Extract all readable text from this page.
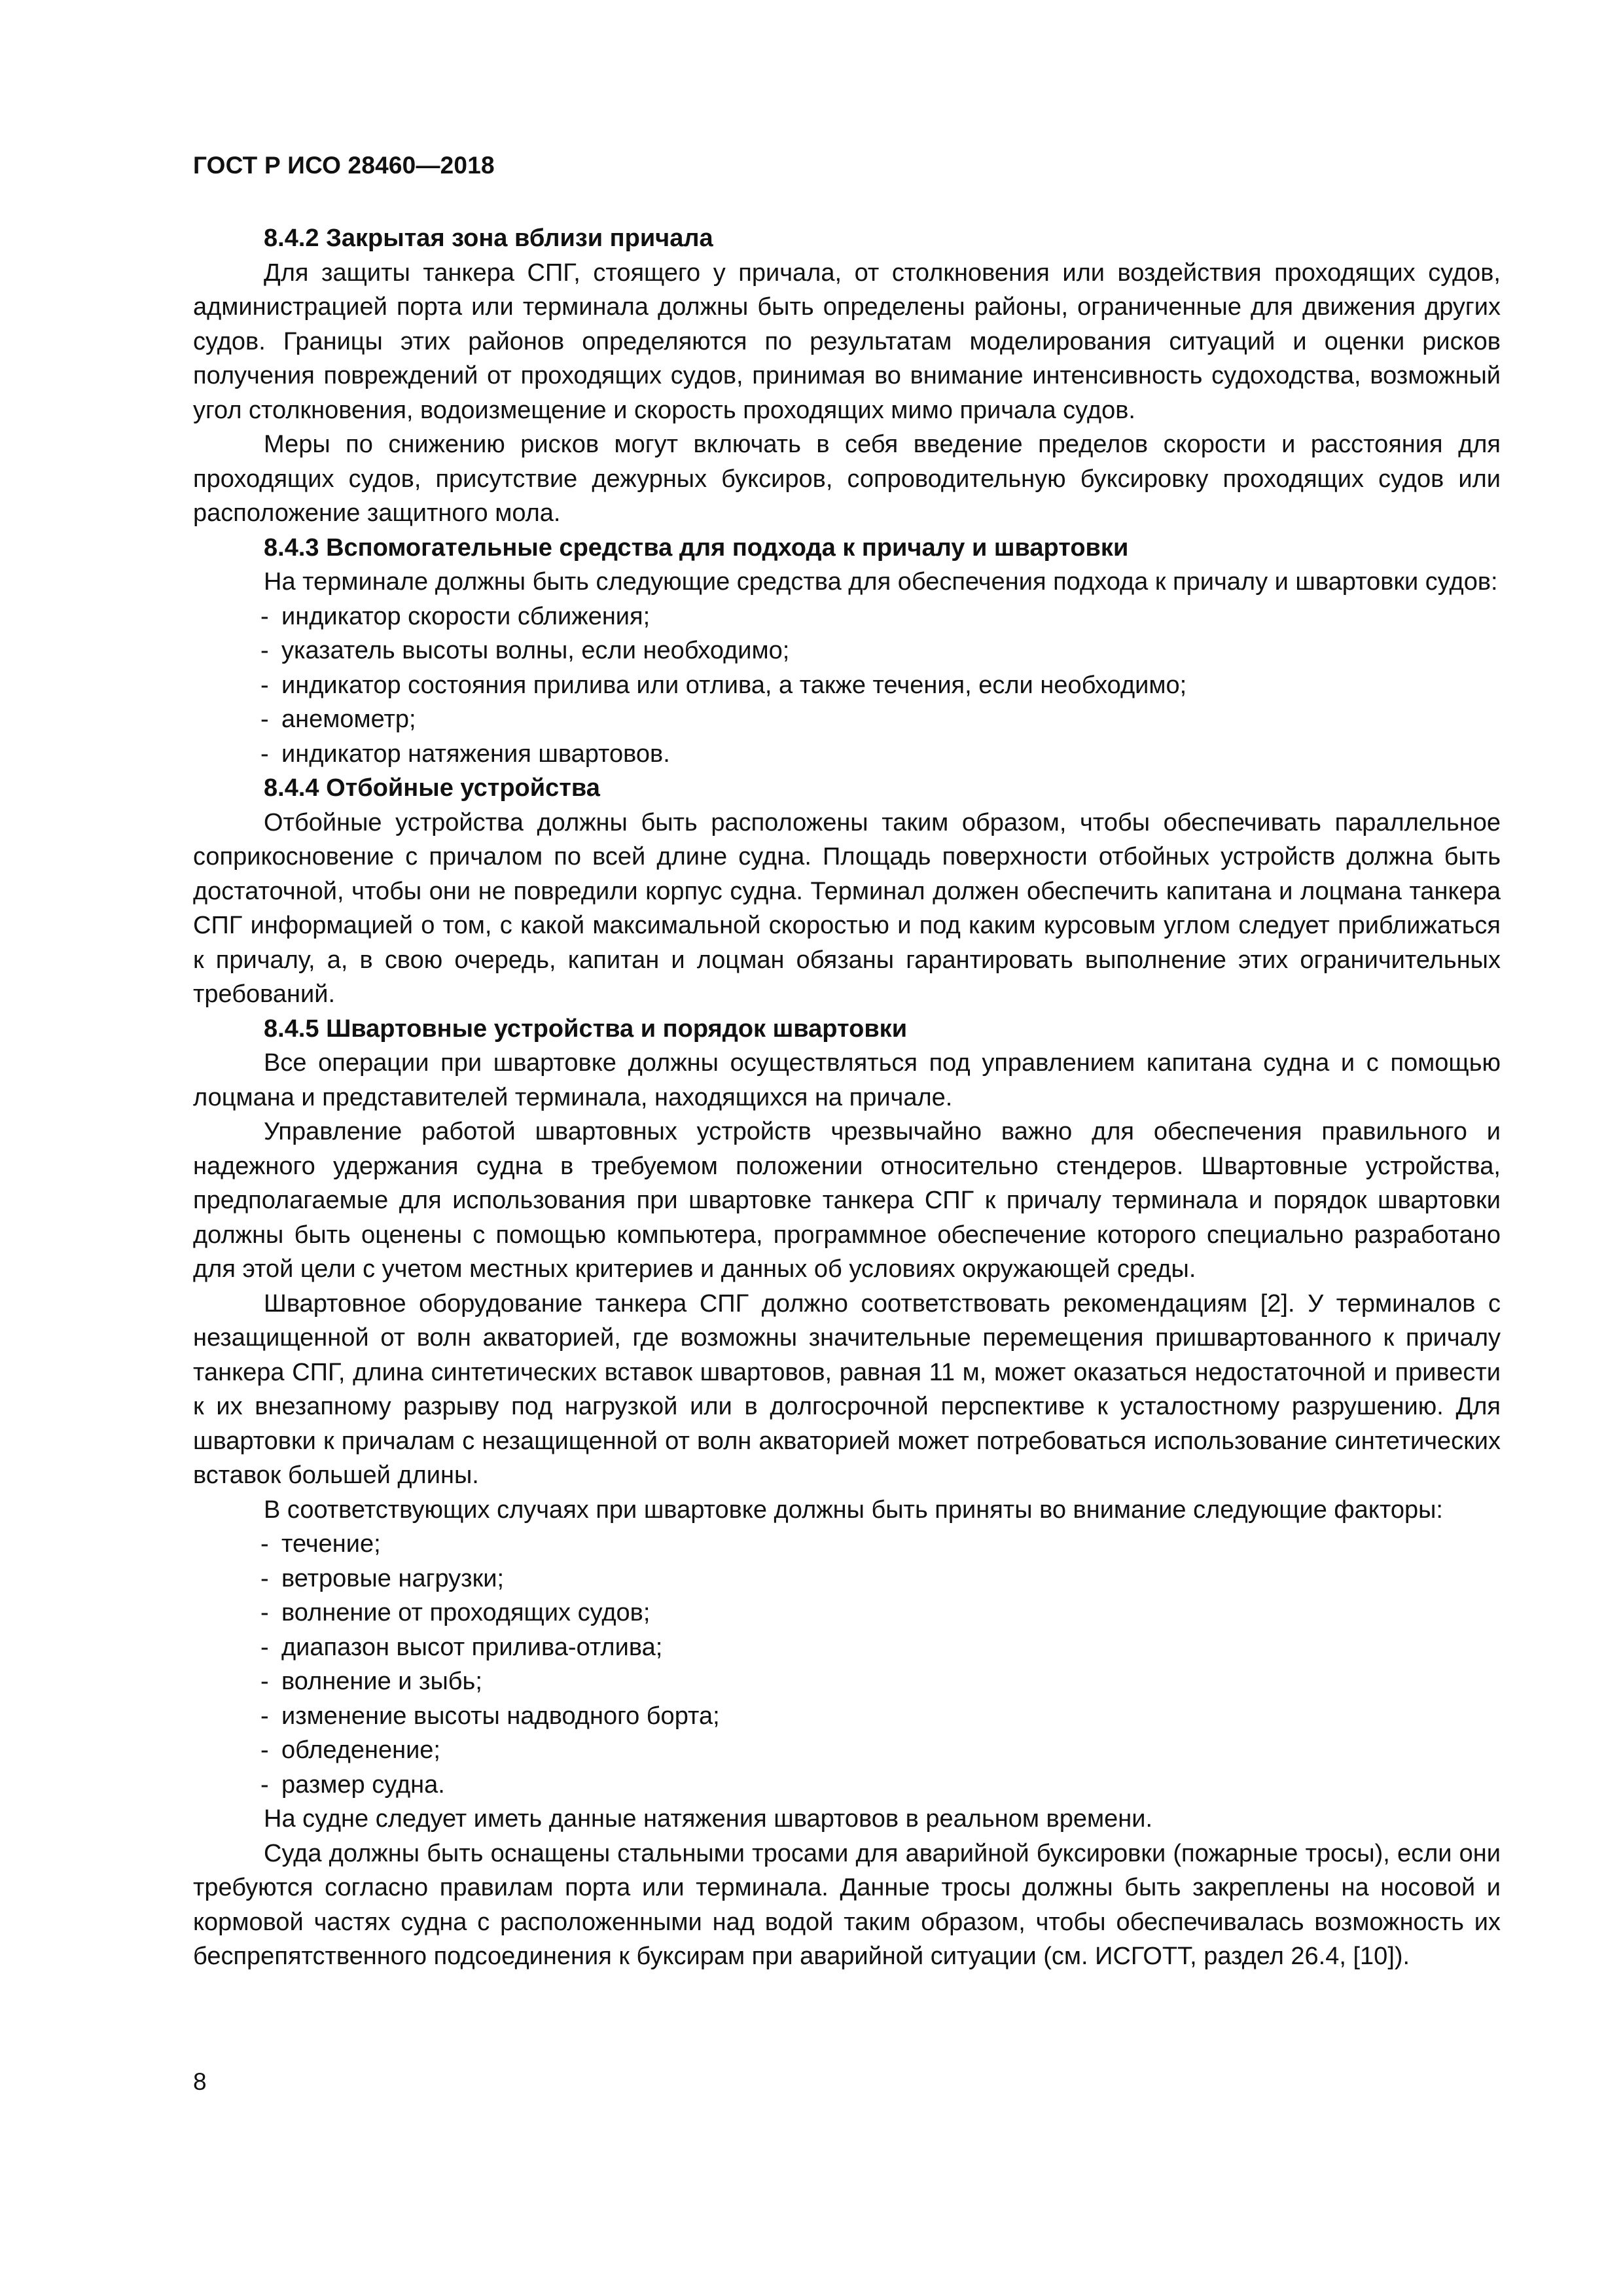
ГОСТ Р ИСО 28460—2018
8.4.2 Закрытая зона вблизи причала

Для защиты танкера СПГ, стоящего у причала, от столкновения или воздействия проходящих судов, администрацией порта или терминала должны быть определены районы, ограниченные для движения других судов. Границы этих районов определяются по результатам моделирования ситуаций и оценки рисков получения повреждений от проходящих судов, принимая во внимание интенсивность судоходства, возможный угол столкновения, водоизмещение и скорость проходящих мимо причала судов.

Меры по снижению рисков могут включать в себя введение пределов скорости и расстояния для проходящих судов, присутствие дежурных буксиров, сопроводительную буксировку проходящих судов или расположение защитного мола.

8.4.3 Вспомогательные средства для подхода к причалу и швартовки

На терминале должны быть следующие средства для обеспечения подхода к причалу и швартовки судов:

- индикатор скорости сближения;
- указатель высоты волны, если необходимо;
- индикатор состояния прилива или отлива, а также течения, если необходимо;
- анемометр;
- индикатор натяжения швартовов.
8.4.4 Отбойные устройства

Отбойные устройства должны быть расположены таким образом, чтобы обеспечивать параллельное соприкосновение с причалом по всей длине судна. Площадь поверхности отбойных устройств должна быть достаточной, чтобы они не повредили корпус судна. Терминал должен обеспечить капитана и лоцмана танкера СПГ информацией о том, с какой максимальной скоростью и под каким курсовым углом следует приближаться к причалу, а, в свою очередь, капитан и лоцман обязаны гарантировать выполнение этих ограничительных требований.

8.4.5 Швартовные устройства и порядок швартовки

Все операции при швартовке должны осуществляться под управлением капитана судна и с помощью лоцмана и представителей терминала, находящихся на причале.

Управление работой швартовных устройств чрезвычайно важно для обеспечения правильного и надежного удержания судна в требуемом положении относительно стендеров. Швартовные устройства, предполагаемые для использования при швартовке танкера СПГ к причалу терминала и порядок швартовки должны быть оценены с помощью компьютера, программное обеспечение которого специально разработано для этой цели с учетом местных критериев и данных об условиях окружающей среды.

Швартовное оборудование танкера СПГ должно соответствовать рекомендациям [2]. У терминалов с незащищенной от волн акваторией, где возможны значительные перемещения пришвартованного к причалу танкера СПГ, длина синтетических вставок швартовов, равная 11 м, может оказаться недостаточной и привести к их внезапному разрыву под нагрузкой или в долгосрочной перспективе к усталостному разрушению. Для швартовки к причалам с незащищенной от волн акваторией может потребоваться использование синтетических вставок большей длины.

В соответствующих случаях при швартовке должны быть приняты во внимание следующие факторы:

- течение;
- ветровые нагрузки;
- волнение от проходящих судов;
- диапазон высот прилива-отлива;
- волнение и зыбь;
- изменение высоты надводного борта;
- обледенение;
- размер судна.

На судне следует иметь данные натяжения швартовов в реальном времени.

Суда должны быть оснащены стальными тросами для аварийной буксировки (пожарные тросы), если они требуются согласно правилам порта или терминала. Данные тросы должны быть закреплены на носовой и кормовой частях судна с расположенными над водой таким образом, чтобы обеспечивалась возможность их беспрепятственного подсоединения к буксирам при аварийной ситуации (см. ИСГОТТ, раздел 26.4, [10]).

8
